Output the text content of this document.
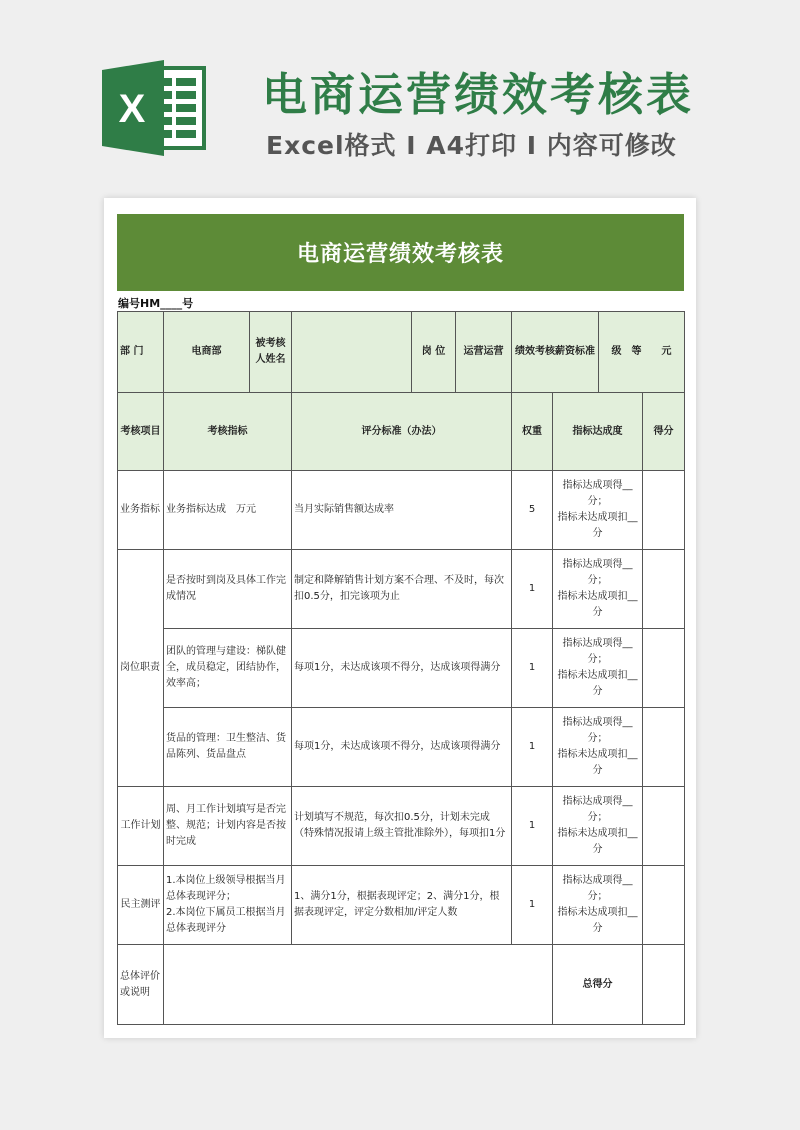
X	电商运营绩效考核表
Excel格式 I A4打印 I 内容可修改
电商运营绩效考核表
编号HM____号
部 门	电商部	被考核人姓名		岗 位	运营运营	绩效考核薪资标准		级　等　　元	
考核项目	考核指标		评分标准（办法）			权重	指标达成度		得分
业务指标	业务指标达成　万元		当月实际销售额达成率			5	指标达成项得__分；
指标未达成项扣__分		
岗位职责	是否按时到岗及具体工作完成情况		制定和降解销售计划方案不合理、不及时，每次扣0.5分，扣完该项为止			1	指标达成项得__分；
指标未达成项扣__分		
	团队的管理与建设：梯队健全，成员稳定，团结协作，效率高；		每项1分，未达成该项不得分，达成该项得满分			1	指标达成项得__分；
指标未达成项扣__分		
	货品的管理：卫生整洁、货品陈列、货品盘点		每项1分，未达成该项不得分，达成该项得满分			1	指标达成项得__分；
指标未达成项扣__分		
工作计划	周、月工作计划填写是否完整、规范；计划内容是否按时完成		计划填写不规范，每次扣0.5分，计划未完成（特殊情况报请上级主管批准除外），每项扣1分			1	指标达成项得__分；
指标未达成项扣__分		
民主测评	1.本岗位上级领导根据当月总体表现评分；
2.本岗位下属员工根据当月总体表现评分		1、满分1分，根据表现评定；2、满分1分，根据表现评定，评定分数相加/评定人数			1	指标达成项得__分；
指标未达成项扣__分		
总体评价或说明							总得分		
